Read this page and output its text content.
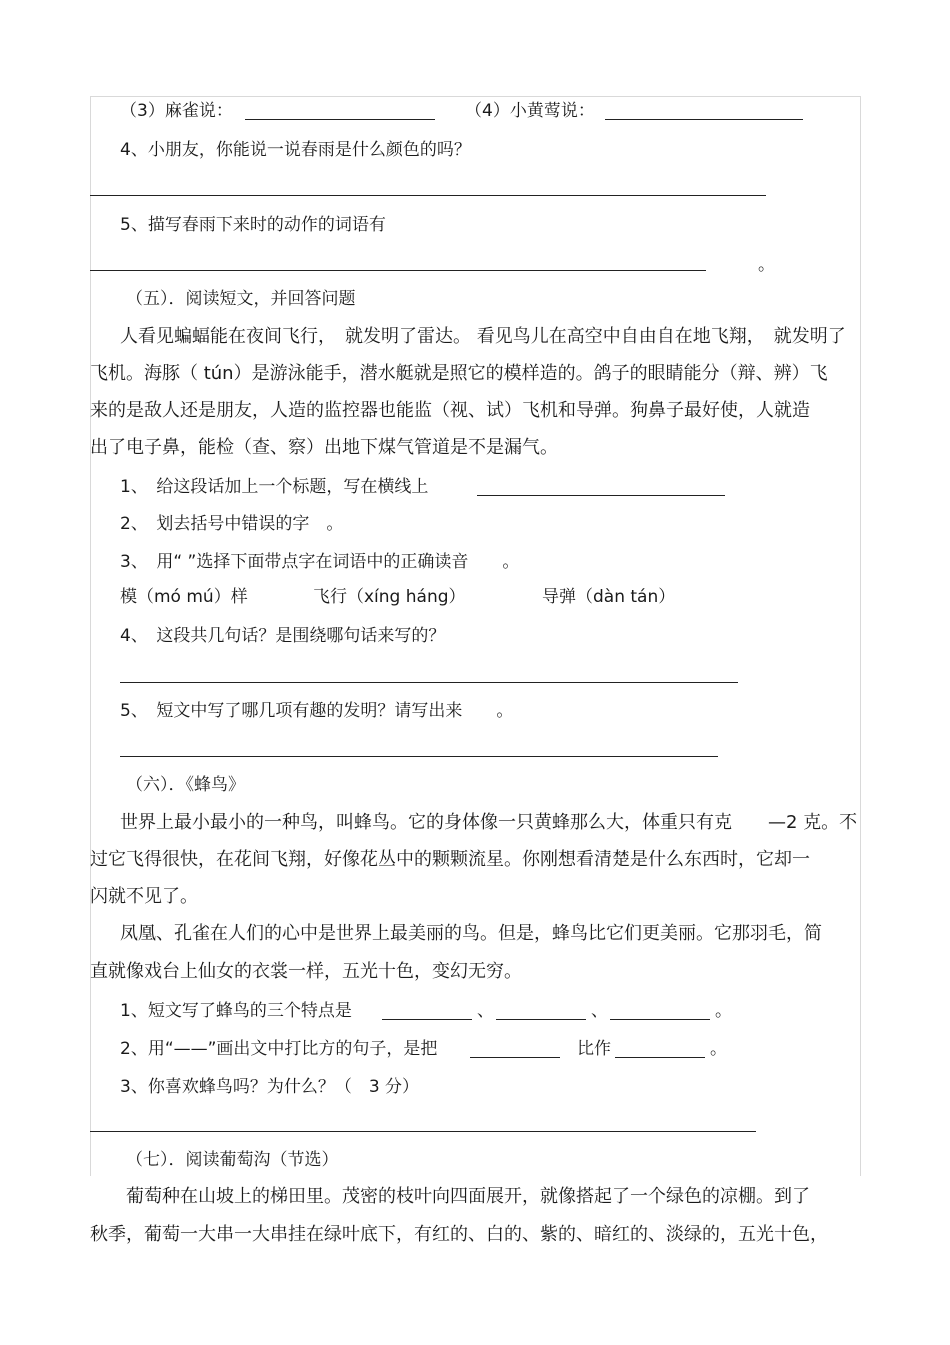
（3）麻雀说：	（4）小黄莺说：
4、小朋友，你能说一说春雨是什么颜色的吗？
5、描写春雨下来时的动作的词语有
。
（五）．阅读短文，并回答问题
人看见蝙蝠能在夜间飞行，　就发明了雷达。 看见鸟儿在高空中自由自在地飞翔，　就发明了
飞机。海豚（ tún）是游泳能手，潜水艇就是照它的模样造的。鸽子的眼睛能分（辩、辨）飞
来的是敌人还是朋友，人造的监控器也能监（视、试）飞机和导弹。狗鼻子最好使，人就造
出了电子鼻，能检（查、察）出地下煤气管道是不是漏气。
1、　给这段话加上一个标题，写在横线上
2、　划去括号中错误的字　。
3、　用“ ”选择下面带点字在词语中的正确读音　　。
模（mó mú）样	飞行（xíng háng）	导弹（dàn tán）
4、　这段共几句话？是围绕哪句话来写的？
5、　短文中写了哪几项有趣的发明？请写出来　　。
（六）．《蜂鸟》
世界上最小最小的一种鸟，叫蜂鸟。它的身体像一只黄蜂那么大，体重只有克　　—2 克。不
过它飞得很快，在花间飞翔，好像花丛中的颗颗流星。你刚想看清楚是什么东西时，它却一
闪就不见了。
凤凰、孔雀在人们的心中是世界上最美丽的鸟。但是，蜂鸟比它们更美丽。它那羽毛，简
直就像戏台上仙女的衣裳一样，五光十色，变幻无穷。
1、短文写了蜂鸟的三个特点是	、	、	。
2、用“——”画出文中打比方的句子，是把	比作	。
3、你喜欢蜂鸟吗？为什么？（　3 分）
（七）．阅读葡萄沟（节选）
葡萄种在山坡上的梯田里。茂密的枝叶向四面展开，就像搭起了一个绿色的凉棚。到了
秋季，葡萄一大串一大串挂在绿叶底下，有红的、白的、紫的、暗红的、淡绿的，五光十色，
